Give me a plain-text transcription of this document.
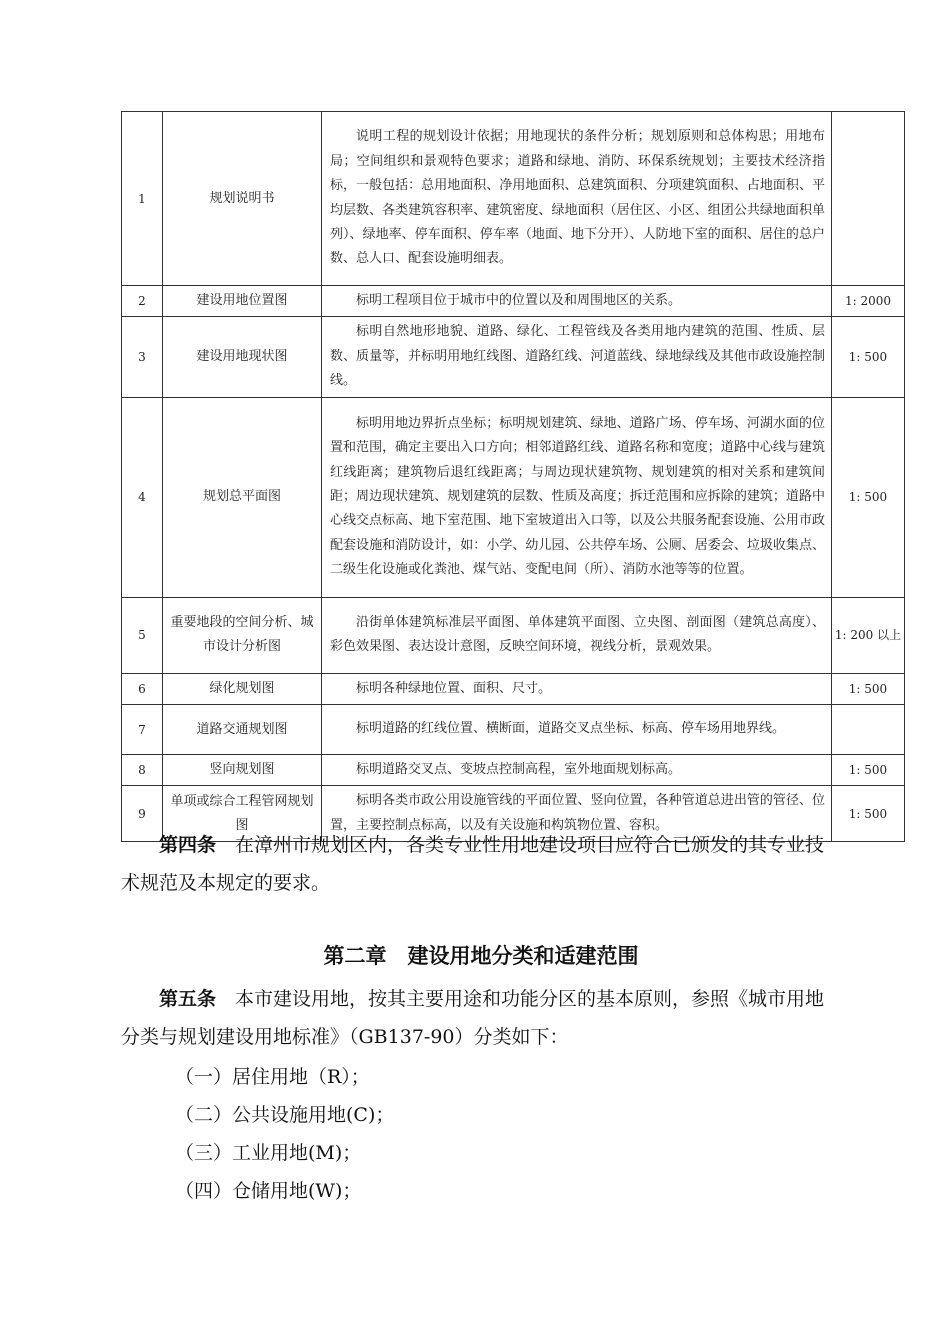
1	规划说明书	说明工程的规划设计依据；用地现状的条件分析；规划原则和总体构思；用地布局；空间组织和景观特色要求；道路和绿地、消防、环保系统规划；主要技术经济指标，一般包括：总用地面积、净用地面积、总建筑面积、分项建筑面积、占地面积、平均层数、各类建筑容积率、建筑密度、绿地面积（居住区、小区、组团公共绿地面积单列）、绿地率、停车面积、停车率（地面、地下分开）、人防地下室的面积、居住的总户数、总人口、配套设施明细表。	

2	建设用地位置图	标明工程项目位于城市中的位置以及和周围地区的关系。	1: 2000
3	建设用地现状图	标明自然地形地貌、道路、绿化、工程管线及各类用地内建筑的范围、性质、层数、质量等，并标明用地红线图、道路红线、河道蓝线、绿地绿线及其他市政设施控制线。	1: 500
4	规划总平面图	标明用地边界折点坐标；标明规划建筑、绿地、道路广场、停车场、河湖水面的位置和范围，确定主要出入口方向；相邻道路红线、道路名称和宽度；道路中心线与建筑红线距离；建筑物后退红线距离；与周边现状建筑物、规划建筑的相对关系和建筑间距；周边现状建筑、规划建筑的层数、性质及高度；拆迁范围和应拆除的建筑；道路中心线交点标高、地下室范围、地下室坡道出入口等，以及公共服务配套设施、公用市政配套设施和消防设计，如：小学、幼儿园、公共停车场、公厕、居委会、垃圾收集点、二级生化设施或化粪池、煤气站、变配电间（所）、消防水池等等的位置。	1: 500
5	重要地段的空间分析、城市设计分析图	沿街单体建筑标准层平面图、单体建筑平面图、立央图、剖面图（建筑总高度）、彩色效果图、表达设计意图，反映空间环境，视线分析，景观效果。	1: 200 以上
6	绿化规划图	标明各种绿地位置、面积、尺寸。	1: 500
7	道路交通规划图	标明道路的红线位置、横断面，道路交叉点坐标、标高、停车场用地界线。	

8	竖向规划图	标明道路交叉点、变坡点控制高程，室外地面规划标高。	1: 500
9	单项或综合工程管网规划图	标明各类市政公用设施管线的平面位置、竖向位置，各种管道总进出管的管径、位置，主要控制点标高，以及有关设施和构筑物位置、容积。	1: 500
第四条　 在漳州市规划区内，各类专业性用地建设项目应符合已颁发的其专业技术规范及本规定的要求。
第二章　建设用地分类和适建范围
第五条　 本市建设用地，按其主要用途和功能分区的基本原则，参照《城市用地分类与规划建设用地标准》（GB137-90）分类如下：
（一）居住用地（R）；
（二）公共设施用地(C)；
（三）工业用地(M)；
（四）仓储用地(W)；
